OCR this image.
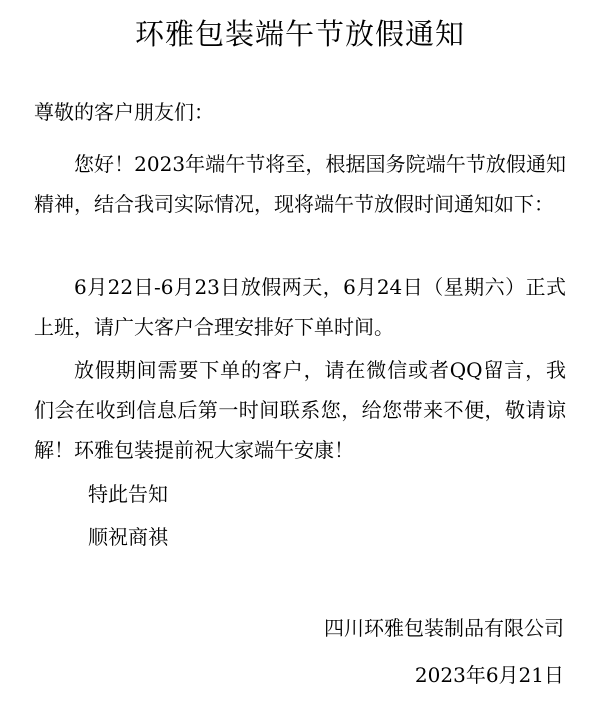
环雅包装端午节放假通知
尊敬的客户朋友们：

您好！2023年端午节将至，根据国务院端午节放假通知精神，结合我司实际情况，现将端午节放假时间通知如下：

6月22日-6月23日放假两天，6月24日（星期六）正式上班，请广大客户合理安排好下单时间。

放假期间需要下单的客户，请在微信或者QQ留言，我们会在收到信息后第一时间联系您，给您带来不便，敬请谅解！环雅包装提前祝大家端午安康！

特此告知
顺祝商祺
四川环雅包装制品有限公司
2023年6月21日
